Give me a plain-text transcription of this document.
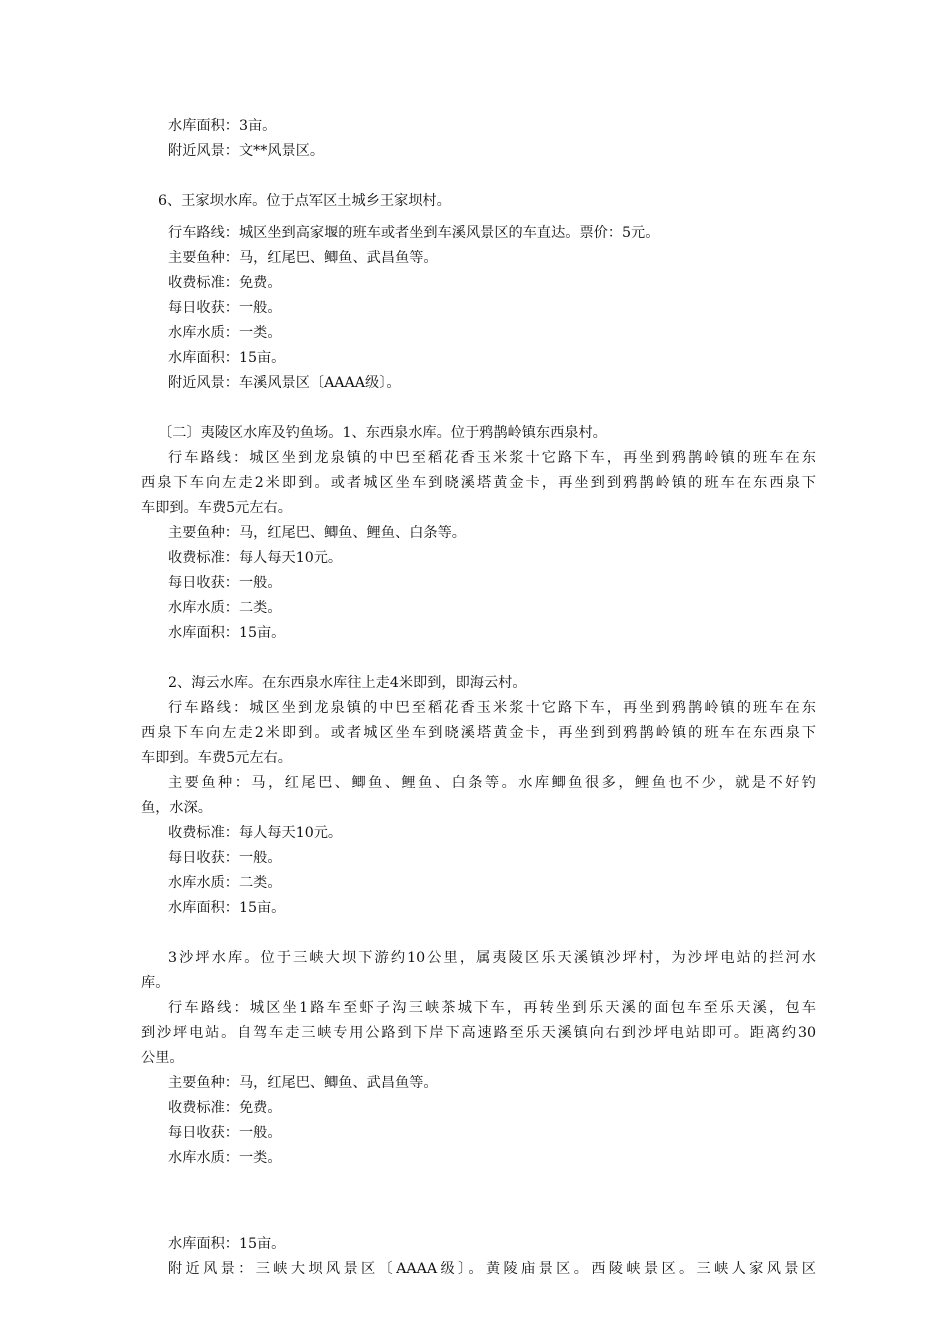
水库面积：3亩。
附近风景：文**风景区。
6、王家坝水库。位于点军区土城乡王家坝村。
行车路线：城区坐到高家堰的班车或者坐到车溪风景区的车直达。票价：5元。
主要鱼种：马，红尾巴、鲫鱼、武昌鱼等。
收费标准：免费。
每日收获：一般。
水库水质：一类。
水库面积：15亩。
附近风景：车溪风景区〔AAAA级〕。
〔二〕夷陵区水库及钓鱼场。1、东西泉水库。位于鸦鹊岭镇东西泉村。
行车路线：城区坐到龙泉镇的中巴至稻花香玉米浆十它路下车，再坐到鸦鹊岭镇的班车在东
西泉下车向左走2米即到。或者城区坐车到晓溪塔黄金卡，再坐到到鸦鹊岭镇的班车在东西泉下
车即到。车费5元左右。
主要鱼种：马，红尾巴、鲫鱼、鲤鱼、白条等。
收费标准：每人每天10元。
每日收获：一般。
水库水质：二类。
水库面积：15亩。
2、海云水库。在东西泉水库往上走4米即到，即海云村。
行车路线：城区坐到龙泉镇的中巴至稻花香玉米浆十它路下车，再坐到鸦鹊岭镇的班车在东
西泉下车向左走2米即到。或者城区坐车到晓溪塔黄金卡，再坐到到鸦鹊岭镇的班车在东西泉下
车即到。车费5元左右。
主要鱼种：马，红尾巴、鲫鱼、鲤鱼、白条等。水库鲫鱼很多，鲤鱼也不少，就是不好钓
鱼，水深。
收费标准：每人每天10元。
每日收获：一般。
水库水质：二类。
水库面积：15亩。
3沙坪水库。位于三峡大坝下游约10公里，属夷陵区乐天溪镇沙坪村，为沙坪电站的拦河水
库。
行车路线：城区坐1路车至虾子沟三峡茶城下车，再转坐到乐天溪的面包车至乐天溪，包车
到沙坪电站。自驾车走三峡专用公路到下岸下高速路至乐天溪镇向右到沙坪电站即可。距离约30
公里。
主要鱼种：马，红尾巴、鲫鱼、武昌鱼等。
收费标准：免费。
每日收获：一般。
水库水质：一类。
水库面积：15亩。
附近风景：三峡大坝风景区〔AAAA级〕。黄陵庙景区。西陵峡景区。三峡人家风景区
